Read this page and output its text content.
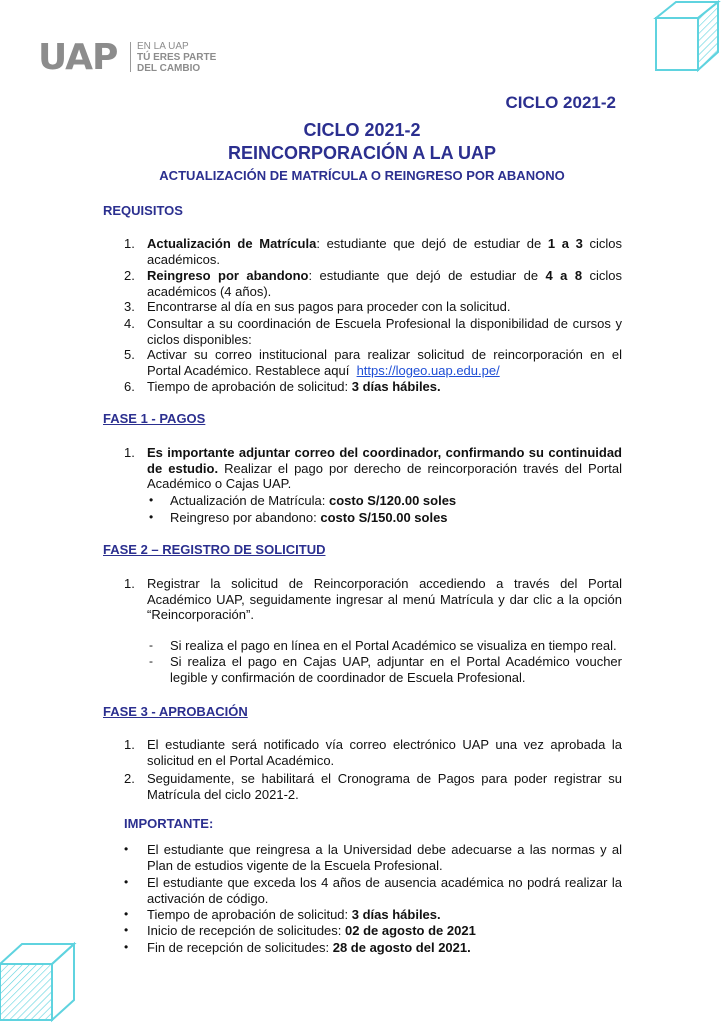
UAP EN LA UAP
TÚ ERES PARTE
DEL CAMBIO
CICLO 2021-2
CICLO 2021-2
REINCORPORACIÓN A LA UAP
ACTUALIZACIÓN DE MATRÍCULA O REINGRESO POR ABANONO
REQUISITOS
1. Actualización de Matrícula: estudiante que dejó de estudiar de 1 a 3 ciclos académicos.
2. Reingreso por abandono: estudiante que dejó de estudiar de 4 a 8 ciclos académicos (4 años).
3. Encontrarse al día en sus pagos para proceder con la solicitud.
4. Consultar a su coordinación de Escuela Profesional la disponibilidad de cursos y ciclos disponibles:
5. Activar su correo institucional para realizar solicitud de reincorporación en el Portal Académico. Restablece aquí https://logeo.uap.edu.pe/
6. Tiempo de aprobación de solicitud: 3 días hábiles.
FASE 1 - PAGOS
1. Es importante adjuntar correo del coordinador, confirmando su continuidad de estudio. Realizar el pago por derecho de reincorporación través del Portal Académico o Cajas UAP.
• Actualización de Matrícula: costo S/120.00 soles
• Reingreso por abandono: costo S/150.00 soles
FASE 2 – REGISTRO DE SOLICITUD
1. Registrar la solicitud de Reincorporación accediendo a través del Portal Académico UAP, seguidamente ingresar al menú Matrícula y dar clic a la opción “Reincorporación”.
- Si realiza el pago en línea en el Portal Académico se visualiza en tiempo real.
- Si realiza el pago en Cajas UAP, adjuntar en el Portal Académico voucher legible y confirmación de coordinador de Escuela Profesional.
FASE 3 - APROBACIÓN
1. El estudiante será notificado vía correo electrónico UAP una vez aprobada la solicitud en el Portal Académico.
2. Seguidamente, se habilitará el Cronograma de Pagos para poder registrar su Matrícula del ciclo 2021-2.
IMPORTANTE:
• El estudiante que reingresa a la Universidad debe adecuarse a las normas y al Plan de estudios vigente de la Escuela Profesional.
• El estudiante que exceda los 4 años de ausencia académica no podrá realizar la activación de código.
• Tiempo de aprobación de solicitud: 3 días hábiles.
• Inicio de recepción de solicitudes: 02 de agosto de 2021
• Fin de recepción de solicitudes: 28 de agosto del 2021.
